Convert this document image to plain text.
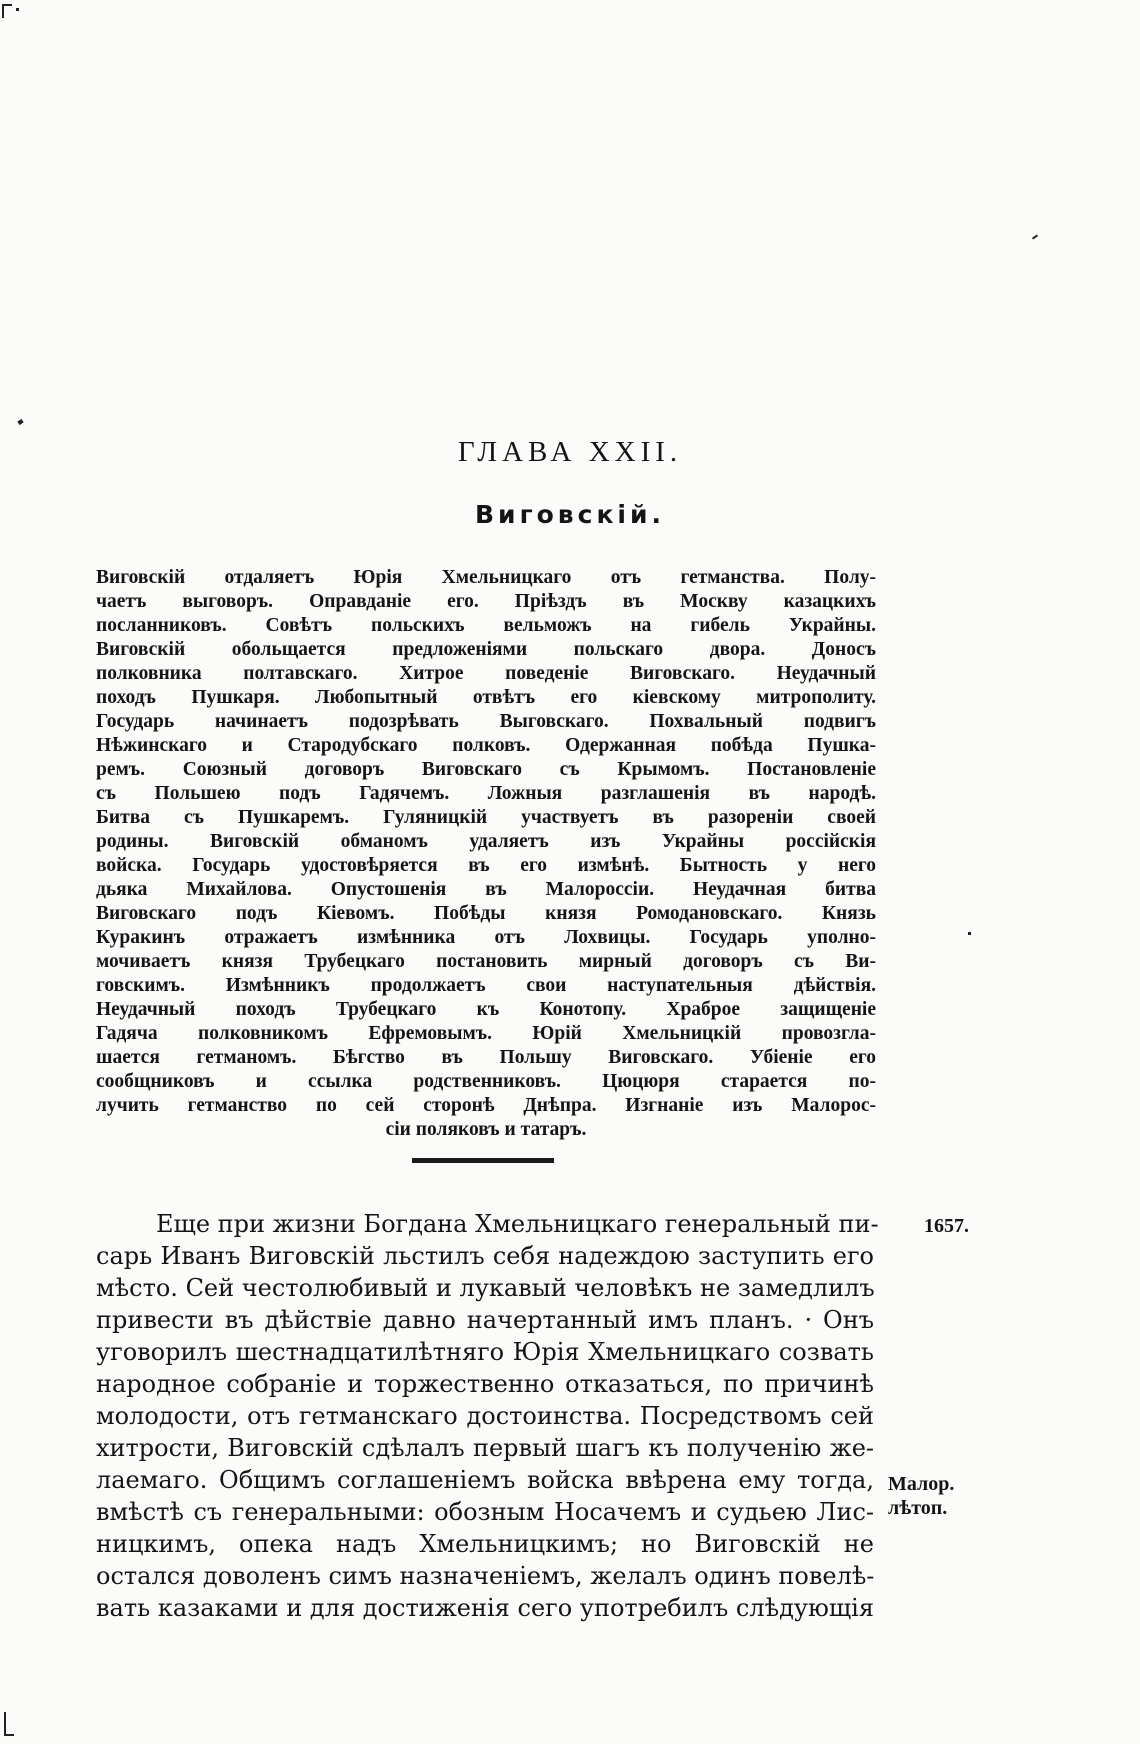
ГЛАВА XXII.
Виговскій.
Виговскій отдаляетъ Юрія Хмельницкаго отъ гетманства. Полу-
чаетъ выговоръ. Оправданіе его. Пріѣздъ въ Москву казацкихъ
посланниковъ. Совѣтъ польскихъ вельможъ на гибель Украйны.
Виговскій обольщается предложеніями польскаго двора. Доносъ
полковника полтавскаго. Хитрое поведеніе Виговскаго. Неудачный
походъ Пушкаря. Любопытный отвѣтъ его кіевскому митрополиту.
Государь начинаетъ подозрѣвать Выговскаго. Похвальный подвигъ
Нѣжинскаго и Стародубскаго полковъ. Одержанная побѣда Пушка-
ремъ. Союзный договоръ Виговскаго съ Крымомъ. Постановленіе
съ Польшею подъ Гадячемъ. Ложныя разглашенія въ народѣ.
Битва съ Пушкаремъ. Гуляницкій участвуетъ въ разореніи своей
родины. Виговскій обманомъ удаляетъ изъ Украйны россійскія
войска. Государь удостовѣряется въ его измѣнѣ. Бытность у него
дьяка Михайлова. Опустошенія въ Малороссіи. Неудачная битва
Виговскаго подъ Кіевомъ. Побѣды князя Ромодановскаго. Князь
Куракинъ отражаетъ измѣнника отъ Лохвицы. Государь уполно-
мочиваетъ князя Трубецкаго постановить мирный договоръ съ Ви-
говскимъ. Измѣнникъ продолжаетъ свои наступательныя дѣйствія.
Неудачный походъ Трубецкаго къ Конотопу. Храброе защищеніе
Гадяча полковникомъ Ефремовымъ. Юрій Хмельницкій провозгла-
шается гетманомъ. Бѣгство въ Польшу Виговскаго. Убіеніе его
сообщниковъ и ссылка родственниковъ. Цюцюря старается по-
лучить гетманство по сей сторонѣ Днѣпра. Изгнаніе изъ Малорос-
сіи поляковъ и татаръ.
Еще при жизни Богдана Хмельницкаго генеральный пи-
сарь Иванъ Виговскій льстилъ себя надеждою заступить его
мѣсто. Сей честолюбивый и лукавый человѣкъ не замедлилъ
привести въ дѣйствіе давно начертанный имъ планъ. · Онъ
уговорилъ шестнадцатилѣтняго Юрія Хмельницкаго созвать
народное собраніе и торжественно отказаться, по причинѣ
молодости, отъ гетманскаго достоинства. Посредствомъ сей
хитрости, Виговскій сдѣлалъ первый шагъ къ полученію же-
лаемаго. Общимъ соглашеніемъ войска ввѣрена ему тогда,
вмѣстѣ съ генеральными: обозным Носачемъ и судьею Лис-
ницкимъ, опека надъ Хмельницкимъ; но Виговскій не
остался доволенъ симъ назначеніемъ, желалъ одинъ повелѣ-
вать казаками и для достиженія сего употребилъ слѣдующія
1657.
Малор.
лѣтоп.
